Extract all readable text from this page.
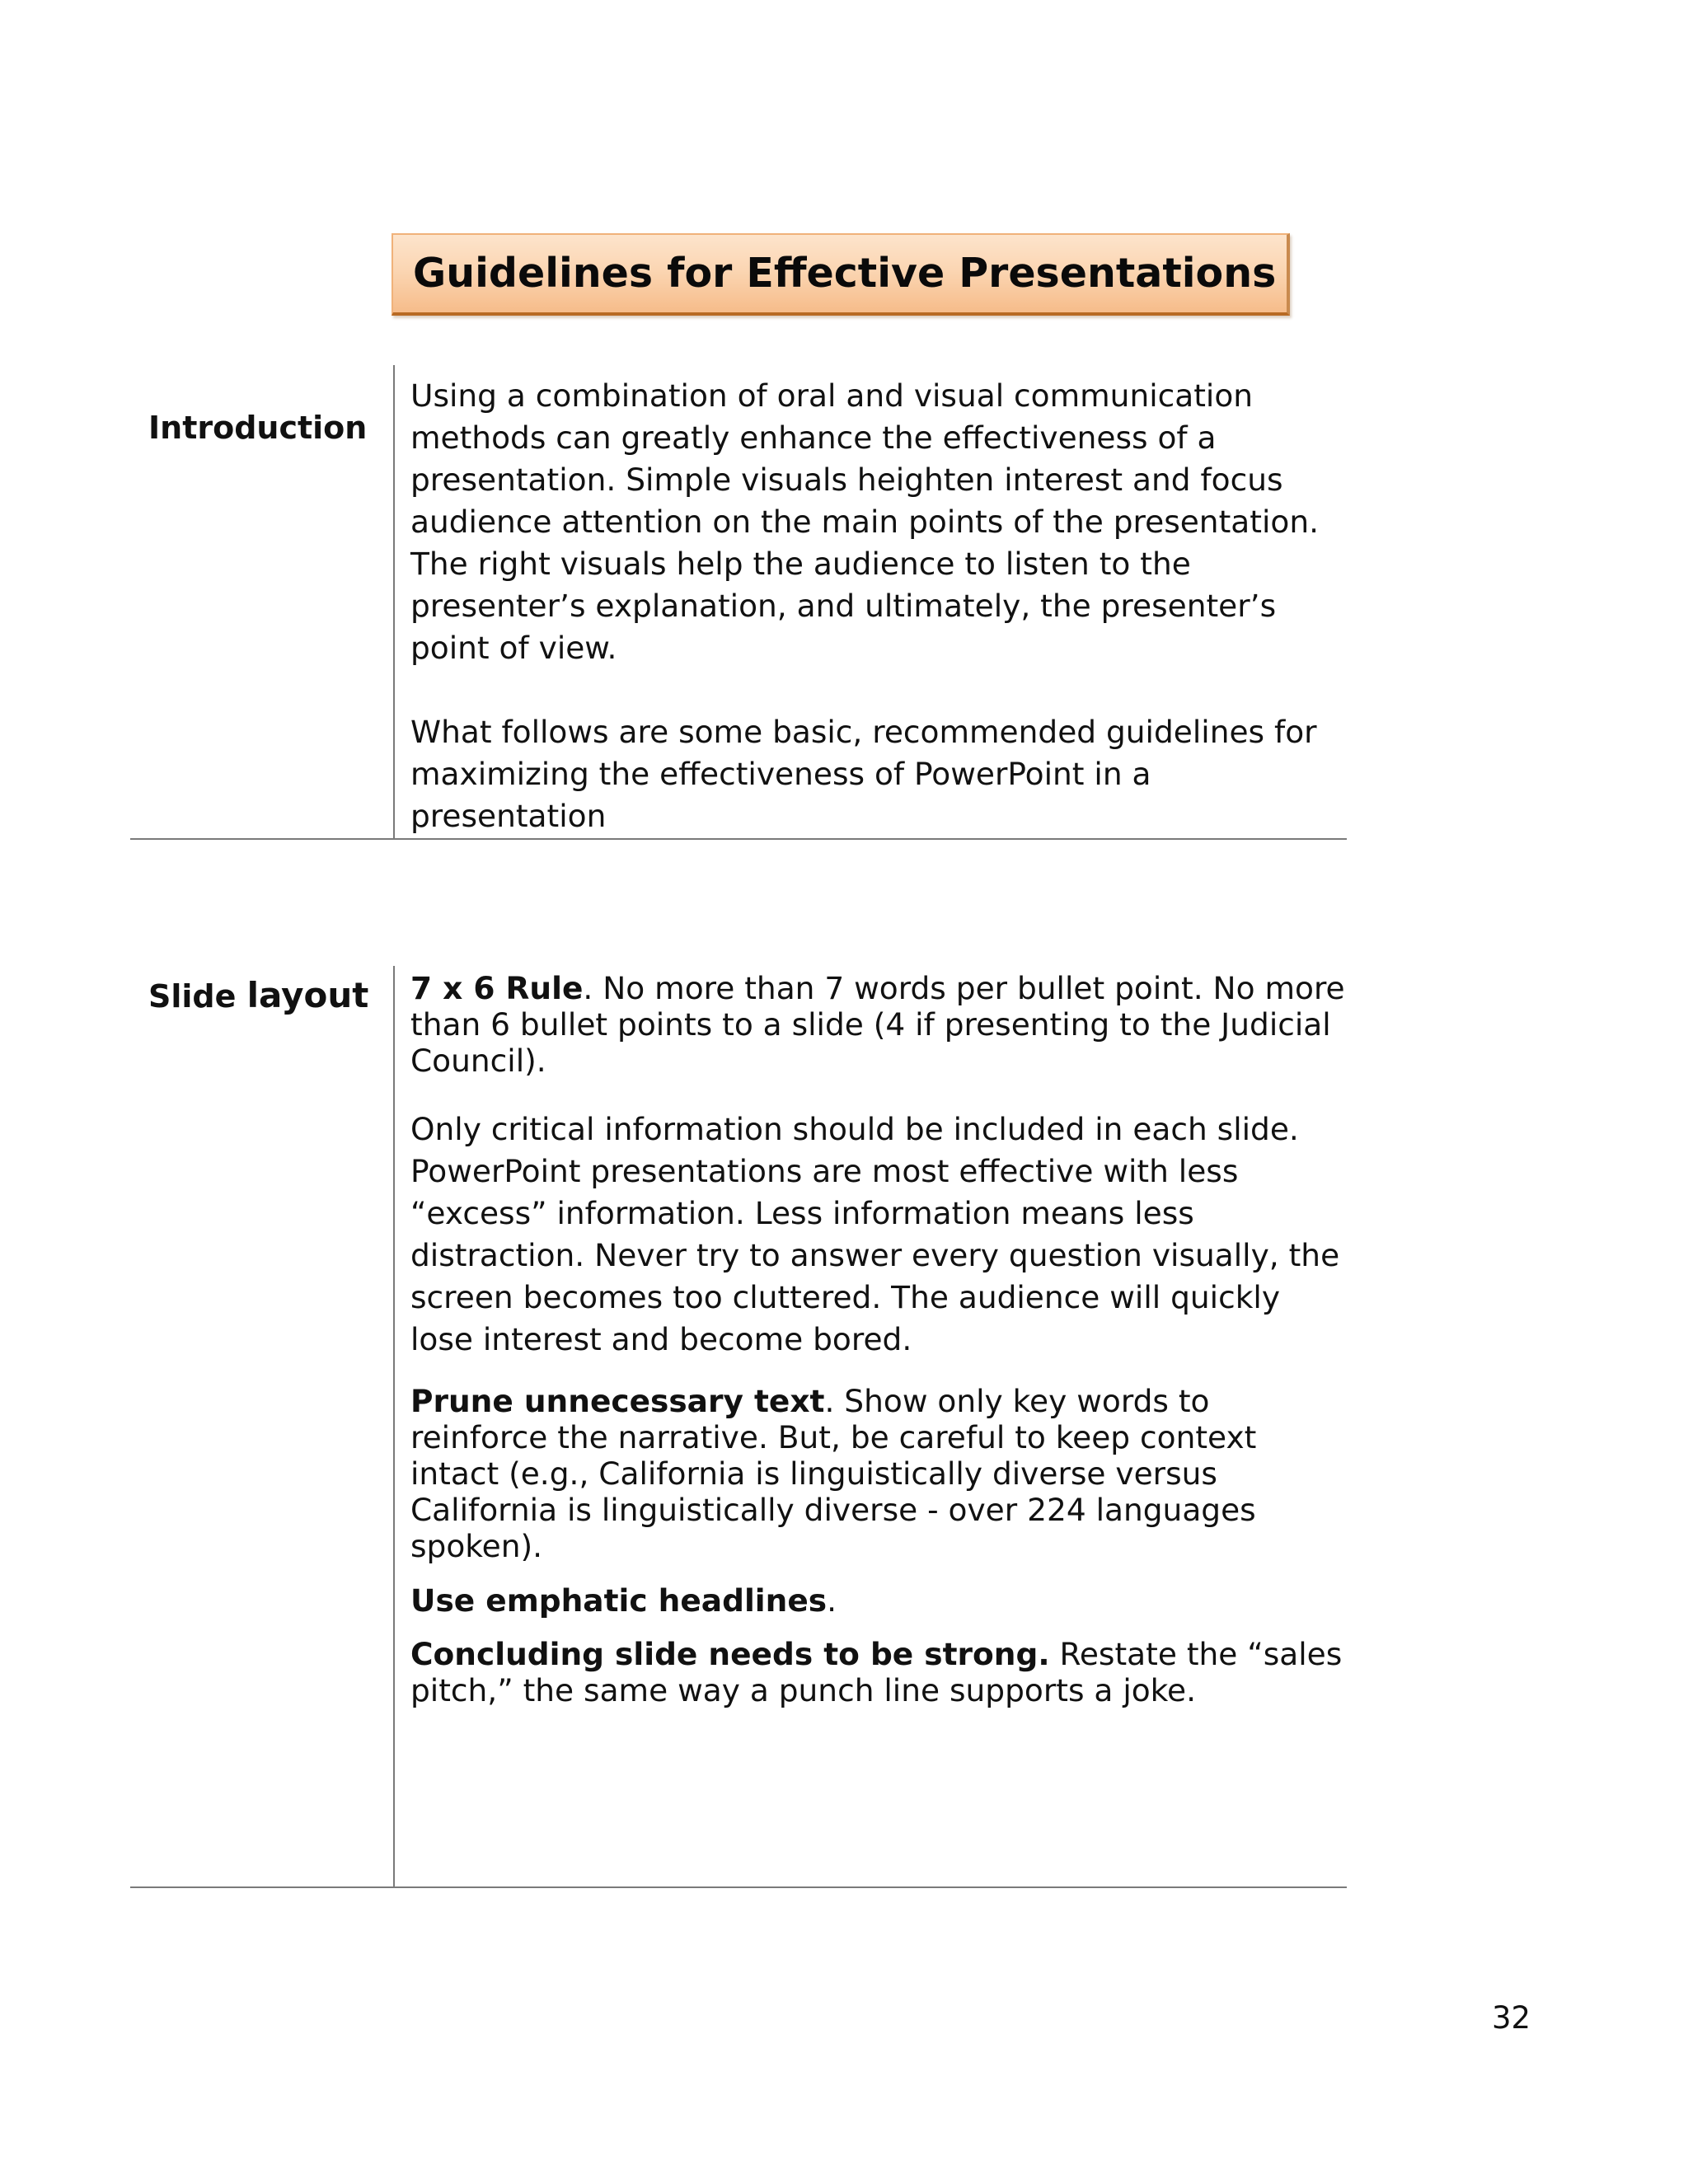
Guidelines for Effective Presentations
Introduction
Using a combination of oral and visual communication methods can greatly enhance the effectiveness of a presentation. Simple visuals heighten interest and focus audience attention on the main points of the presentation. The right visuals help the audience to listen to the presenter’s explanation, and ultimately, the presenter’s point of view.
What follows are some basic, recommended guidelines for maximizing the effectiveness of PowerPoint in a presentation
Slide layout 7 x 6 Rule. No more than 7 words per bullet point. No more than 6 bullet points to a slide (4 if presenting to the Judicial Council).
Only critical information should be included in each slide. PowerPoint presentations are most effective with less “excess” information. Less information means less distraction. Never try to answer every question visually, the screen becomes too cluttered. The audience will quickly lose interest and become bored.
Prune unnecessary text. Show only key words to reinforce the narrative. But, be careful to keep context intact (e.g., California is linguistically diverse versus California is linguistically diverse - over 224 languages spoken).
Use emphatic headlines.
Concluding slide needs to be strong. Restate the “sales pitch,” the same way a punch line supports a joke.
32
